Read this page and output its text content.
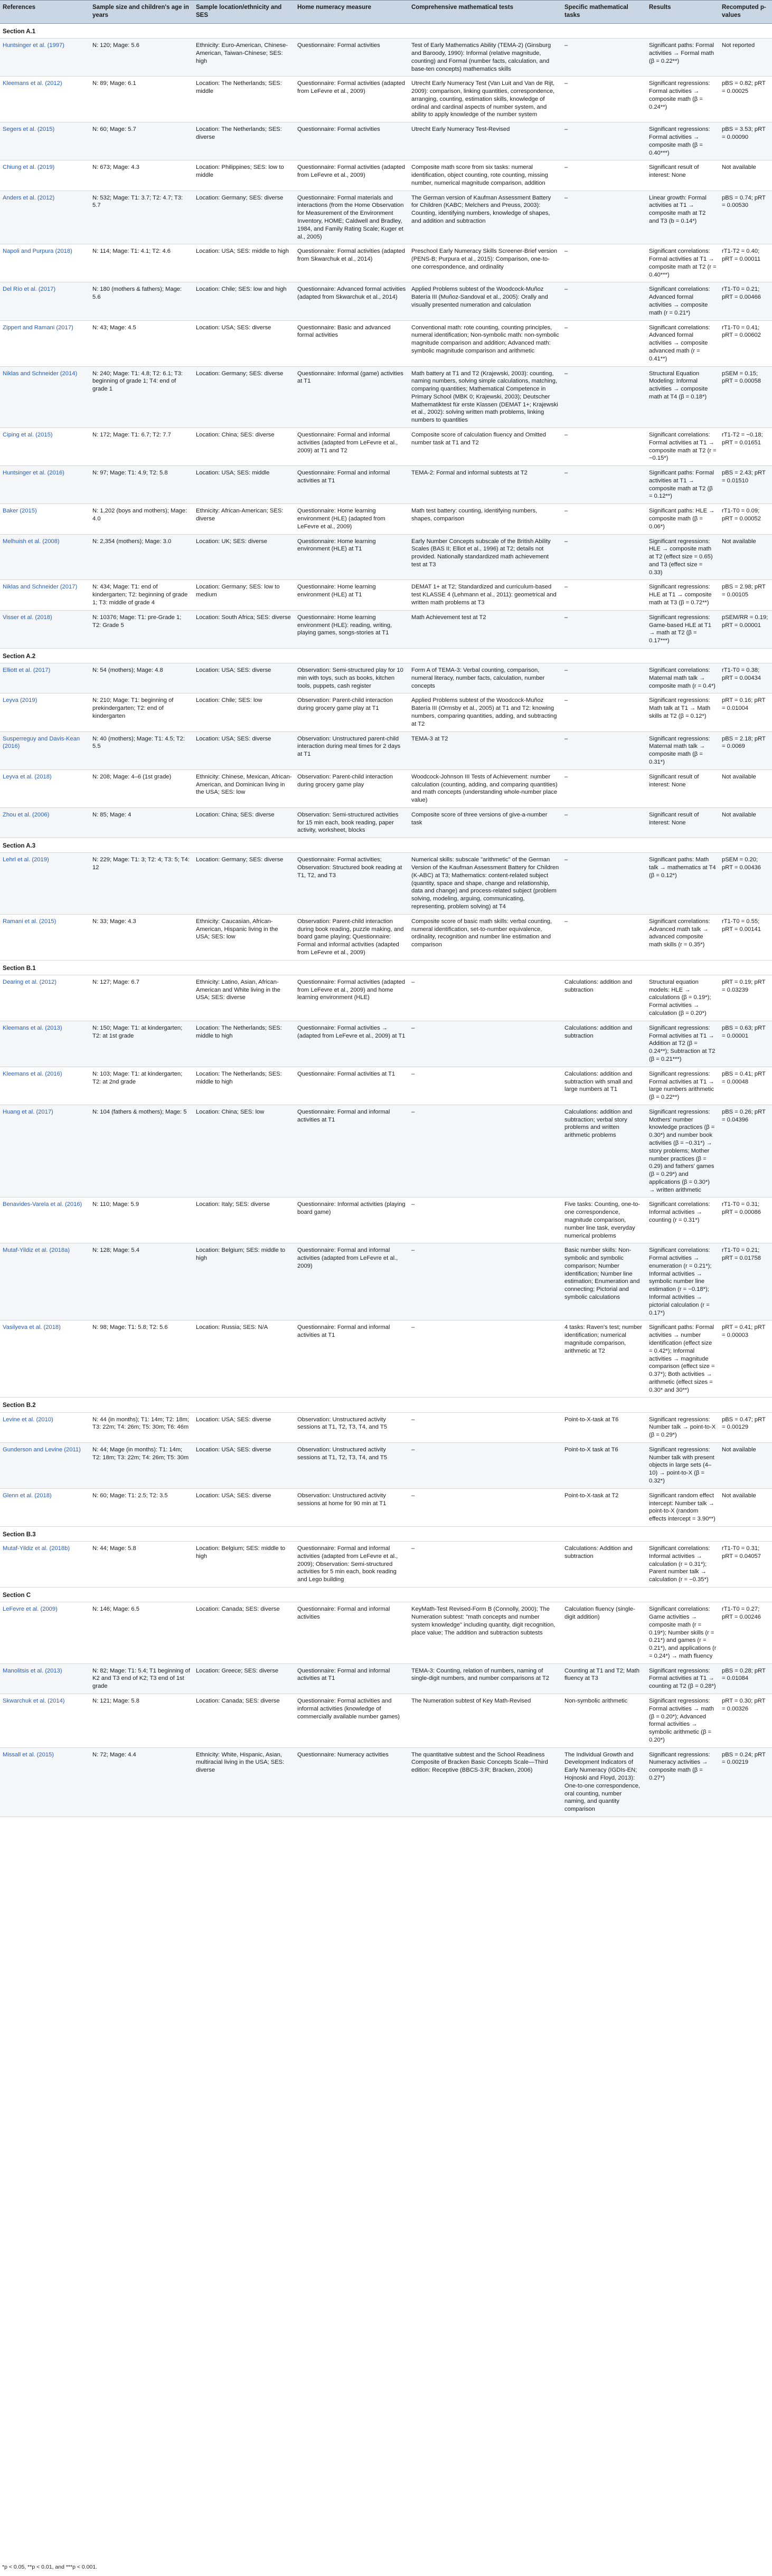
References	Sample size and children's age in years	Sample location/ethnicity and SES	Home numeracy measure	Comprehensive mathematical tests	Specific mathematical tasks	Results	Recomputed p-values
Section A.1							
Huntsinger et al. (1997)	N: 120; Mage: 5.6	Ethnicity: Euro-American, Chinese-American, Taiwan-Chinese; SES: high	Questionnaire: Formal activities	Test of Early Mathematics Ability (TEMA-2) (Ginsburg and Baroody, 1990): Informal (relative magnitude, counting) and Formal (number facts, calculation, and base-ten concepts) mathematics skills	–	Significant paths: Formal activities → Formal math (β = 0.22**)	Not reported
Kleemans et al. (2012)	N: 89; Mage: 6.1	Location: The Netherlands; SES: middle	Questionnaire: Formal activities (adapted from LeFevre et al., 2009)	Utrecht Early Numeracy Test (Van Luit and Van de Rijt, 2009): comparison, linking quantities, correspondence, arranging, counting, estimation skills, knowledge of ordinal and cardinal aspects of number system, and ability to apply knowledge of the number system	–	Significant regressions: Formal activities → composite math (β = 0.24**)	pBS = 0.82; pRT = 0.00025
Segers et al. (2015)	N: 60; Mage: 5.7	Location: The Netherlands; SES: diverse	Questionnaire: Formal activities	Utrecht Early Numeracy Test-Revised	–	Significant regressions: Formal activities → composite math (β = 0.40***)	pBS = 3.53; pRT = 0.00090
Chiung et al. (2019)	N: 673; Mage: 4.3	Location: Philippines; SES: low to middle	Questionnaire: Formal activities (adapted from LeFevre et al., 2009)	Composite math score from six tasks: numeral identification, object counting, rote counting, missing number, numerical magnitude comparison, addition	–	Significant result of interest: None	Not available
Anders et al. (2012)	N: 532; Mage: T1: 3.7; T2: 4.7; T3: 5.7	Location: Germany; SES: diverse	Questionnaire: Formal materials and interactions (from the Home Observation for Measurement of the Environment Inventory, HOME; Caldwell and Bradley, 1984, and Family Rating Scale; Kuger et al., 2005)	The German version of Kaufman Assessment Battery for Children (KABC; Melchers and Preuss, 2003): Counting, identifying numbers, knowledge of shapes, and addition and subtraction	–	Linear growth: Formal activities at T1 → composite math at T2 and T3 (b = 0.14*)	pBS = 0.74; pRT = 0.00530
Napoli and Purpura (2018)	N: 114; Mage: T1: 4.1; T2: 4.6	Location: USA; SES: middle to high	Questionnaire: Formal activities (adapted from Skwarchuk et al., 2014)	Preschool Early Numeracy Skills Screener-Brief version (PENS-B; Purpura et al., 2015): Comparison, one-to-one correspondence, and ordinality	–	Significant correlations: Formal activities at T1 → composite math at T2 (r = 0.40***)	rT1-T2 = 0.40; pRT = 0.00011
Del Río et al. (2017)	N: 180 (mothers & fathers); Mage: 5.6	Location: Chile; SES: low and high	Questionnaire: Advanced formal activities (adapted from Skwarchuk et al., 2014)	Applied Problems subtest of the Woodcock-Muñoz Batería III (Muñoz-Sandoval et al., 2005): Orally and visually presented numeration and calculation	–	Significant correlations: Advanced formal activities → composite math (r = 0.21*)	rT1-T0 = 0.21; pRT = 0.00466
Zippert and Ramani (2017)	N: 43; Mage: 4.5	Location: USA; SES: diverse	Questionnaire: Basic and advanced formal activities	Conventional math: rote counting, counting principles, numeral identification; Non-symbolic math: non-symbolic magnitude comparison and addition; Advanced math: symbolic magnitude comparison and arithmetic	–	Significant correlations: Advanced formal activities → composite advanced math (r = 0.41**)	rT1-T0 = 0.41; pRT = 0.00602
Niklas and Schneider (2014)	N: 240; Mage: T1: 4.8; T2: 6.1; T3: beginning of grade 1; T4: end of grade 1	Location: Germany; SES: diverse	Questionnaire: Informal (game) activities at T1	Math battery at T1 and T2 (Krajewski, 2003): counting, naming numbers, solving simple calculations, matching, comparing quantities; Mathematical Competence in Primary School (MBK 0; Krajewski, 2003); Deutscher Mathematiktest für erste Klassen (DEMAT 1+; Krajewski et al., 2002): solving written math problems, linking numbers to quantities	–	Structural Equation Modeling: Informal activities → composite math at T4 (β = 0.18*)	pSEM = 0.15; pRT = 0.00058
Ciping et al. (2015)	N: 172; Mage: T1: 6.7; T2: 7.7	Location: China; SES: diverse	Questionnaire: Formal and informal activities (adapted from LeFevre et al., 2009) at T1 and T2	Composite score of calculation fluency and Omitted number task at T1 and T2	–	Significant correlations: Formal activities at T1 → composite math at T2 (r = −0.15*)	rT1-T2 = −0.18; pRT = 0.01651
Huntsinger et al. (2016)	N: 97; Mage: T1: 4.9; T2: 5.8	Location: USA; SES: middle	Questionnaire: Formal and informal activities at T1	TEMA-2: Formal and informal subtests at T2	–	Significant paths: Formal activities at T1 → composite math at T2 (β = 0.12**)	pBS = 2.43; pRT = 0.01510
Baker (2015)	N: 1,202 (boys and mothers); Mage: 4.0	Ethnicity: African-American; SES: diverse	Questionnaire: Home learning environment (HLE) (adapted from LeFevre et al., 2009)	Math test battery: counting, identifying numbers, shapes, comparison	–	Significant paths: HLE → composite math (β = 0.06*)	rT1-T0 = 0.09; pRT = 0.00052
Melhuish et al. (2008)	N: 2,354 (mothers); Mage: 3.0	Location: UK; SES: diverse	Questionnaire: Home learning environment (HLE) at T1	Early Number Concepts subscale of the British Ability Scales (BAS II; Elliot et al., 1996) at T2; details not provided. Nationally standardized math achievement test at T3	–	Significant regressions: HLE → composite math at T2 (effect size = 0.65) and T3 (effect size = 0.33)	Not available
Niklas and Schneider (2017)	N: 434; Mage: T1: end of kindergarten; T2: beginning of grade 1; T3: middle of grade 4	Location: Germany; SES: low to medium	Questionnaire: Home learning environment (HLE) at T1	DEMAT 1+ at T2; Standardized and curriculum-based test KLASSE 4 (Lehmann et al., 2011): geometrical and written math problems at T3	–	Significant regressions: HLE at T1 → composite math at T3 (β = 0.72**)	pBS = 2.98; pRT = 0.00105
Visser et al. (2018)	N: 10376; Mage: T1: pre-Grade 1; T2: Grade 5	Location: South Africa; SES: diverse	Questionnaire: Home learning environment (HLE): reading, writing, playing games, songs-stories at T1	Math Achievement test at T2	–	Significant regressions: Game-based HLE at T1 → math at T2 (β = 0.17***)	pSEM/RR = 0.19; pRT = 0.00001
Section A.2							
Elliott et al. (2017)	N: 54 (mothers); Mage: 4.8	Location: USA; SES: diverse	Observation: Semi-structured play for 10 min with toys, such as books, kitchen tools, puppets, cash register	Form A of TEMA-3: Verbal counting, comparison, numeral literacy, number facts, calculation, number concepts	–	Significant correlations: Maternal math talk → composite math (r = 0.4*)	rT1-T0 = 0.38; pRT = 0.00434
Leyva (2019)	N: 210; Mage: T1: beginning of prekindergarten; T2: end of kindergarten	Location: Chile; SES: low	Observation: Parent-child interaction during grocery game play at T1	Applied Problems subtest of the Woodcock-Muñoz Batería III (Ormsby et al., 2005) at T1 and T2: knowing numbers, comparing quantities, adding, and subtracting at T2	–	Significant regressions: Math talk at T1 → Math skills at T2 (β = 0.12*)	pRT = 0.16; pRT = 0.01004
Susperreguy and Davis-Kean (2016)	N: 40 (mothers); Mage: T1: 4.5; T2: 5.5	Location: USA; SES: diverse	Observation: Unstructured parent-child interaction during meal times for 2 days at T1	TEMA-3 at T2	–	Significant regressions: Maternal math talk → composite math (β = 0.31*)	pBS = 2.18; pRT = 0.0069
Leyva et al. (2018)	N: 208; Mage: 4–6 (1st grade)	Ethnicity: Chinese, Mexican, African-American, and Dominican living in the USA; SES: low	Observation: Parent-child interaction during grocery game play	Woodcock-Johnson III Tests of Achievement: number calculation (counting, adding, and comparing quantities) and math concepts (understanding whole-number place value)	–	Significant result of interest: None	Not available
Zhou et al. (2006)	N: 85; Mage: 4	Location: China; SES: diverse	Observation: Semi-structured activities for 15 min each, book reading, paper activity, worksheet, blocks	Composite score of three versions of give-a-number task	–	Significant result of interest: None	Not available
Section A.3							
Lehrl et al. (2019)	N: 229; Mage: T1: 3; T2: 4; T3: 5; T4: 12	Location: Germany; SES: diverse	Questionnaire: Formal activities; Observation: Structured book reading at T1, T2, and T3	Numerical skills: subscale "arithmetic" of the German Version of the Kaufman Assessment Battery for Children (K-ABC) at T3; Mathematics: content-related subject (quantity, space and shape, change and relationship, data and change) and process-related subject (problem solving, modeling, arguing, communicating, representing, problem solving) at T4	–	Significant paths: Math talk → mathematics at T4 (β = 0.12*)	pSEM = 0.20; pRT = 0.00436
Ramani et al. (2015)	N: 33; Mage: 4.3	Ethnicity: Caucasian, African-American, Hispanic living in the USA; SES: low	Observation: Parent-child interaction during book reading, puzzle making, and board game playing; Questionnaire: Formal and informal activities (adapted from LeFevre et al., 2009)	Composite score of basic math skills: verbal counting, numeral identification, set-to-number equivalence, ordinality, recognition and number line estimation and comparison	–	Significant correlations: Advanced math talk → advanced composite math skills (r = 0.35*)	rT1-T0 = 0.55; pRT = 0.00141
Section B.1							
Dearing et al. (2012)	N: 127; Mage: 6.7	Ethnicity: Latino, Asian, African-American and White living in the USA; SES: diverse	Questionnaire: Formal activities (adapted from LeFevre et al., 2009) and home learning environment (HLE)	–	Calculations: addition and subtraction	Structural equation models: HLE → calculations (β = 0.19*); Formal activities → calculation (β = 0.20*)	pRT = 0.19; pRT = 0.03239
Kleemans et al. (2013)	N: 150; Mage: T1: at kindergarten; T2: at 1st grade	Location: The Netherlands; SES: middle to high	Questionnaire: Formal activities → (adapted from LeFevre et al., 2009) at T1	–	Calculations: addition and subtraction	Significant regressions: Formal activities at T1 → Addition at T2 (β = 0.24**); Subtraction at T2 (β = 0.21***)	pBS = 0.63; pRT = 0.00001
Kleemans et al. (2016)	N: 103; Mage: T1: at kindergarten; T2: at 2nd grade	Location: The Netherlands; SES: middle to high	Questionnaire: Formal activities at T1	–	Calculations: addition and subtraction with small and large numbers at T1	Significant regressions: Formal activities at T1 → large numbers arithmetic (β = 0.22**)	pBS = 0.41; pRT = 0.00048
Huang et al. (2017)	N: 104 (fathers & mothers); Mage: 5	Location: China; SES: low	Questionnaire: Formal and informal activities at T1	–	Calculations: addition and subtraction; verbal story problems and written arithmetic problems	Significant regressions: Mothers' number knowledge practices (β = 0.30*) and number book activities (β = −0.31*) → story problems; Mother number practices (β = 0.29) and fathers' games (β = 0.29*) and applications (β = 0.30*) → written arithmetic	pBS = 0.26; pRT = 0.04396
Benavides-Varela et al. (2016)	N: 110; Mage: 5.9	Location: Italy; SES: diverse	Questionnaire: Informal activities (playing board game)	–	Five tasks: Counting, one-to-one correspondence, magnitude comparison, number line task, everyday numerical problems	Significant correlations: Informal activities → counting (r = 0.31*)	rT1-T0 = 0.31; pRT = 0.00086
Mutaf-Yildiz et al. (2018a)	N: 128; Mage: 5.4	Location: Belgium; SES: middle to high	Questionnaire: Formal and informal activities (adapted from LeFevre et al., 2009)	–	Basic number skills: Non-symbolic and symbolic comparison; Number identification; Number line estimation; Enumeration and connecting; Pictorial and symbolic calculations	Significant correlations: Formal activities → enumeration (r = 0.21*); Informal activities → symbolic number line estimation (r = −0.18*); Informal activities → pictorial calculation (r = 0.17*)	rT1-T0 = 0.21; pRT = 0.01758
Vasilyeva et al. (2018)	N: 98; Mage: T1: 5.8; T2: 5.6	Location: Russia; SES: N/A	Questionnaire: Formal and informal activities at T1	–	4 tasks: Raven's test; number identification; numerical magnitude comparison, arithmetic at T2	Significant paths: Formal activities → number identification (effect size = 0.42*); Informal activities → magnitude comparison (effect size = 0.37*); Both activities → arithmetic (effect sizes = 0.30* and 30**)	pRT = 0.41; pRT = 0.00003
Section B.2							
Levine et al. (2010)	N: 44 (in months); T1: 14m; T2: 18m; T3: 22m; T4: 26m; T5: 30m; T6: 46m	Location: USA; SES: diverse	Observation: Unstructured activity sessions at T1, T2, T3, T4, and T5	–	Point-to-X-task at T6	Significant regressions: Number talk → point-to-X (β = 0.29*)	pBS = 0.47; pRT = 0.00129
Gunderson and Levine (2011)	N: 44; Mage (in months): T1: 14m; T2: 18m; T3: 22m; T4: 26m; T5: 30m	Location: USA; SES: diverse	Observation: Unstructured activity sessions at T1, T2, T3, T4, and T5	–	Point-to-X task at T6	Significant regressions: Number talk with present objects in large sets (4–10) → point-to-X (β = 0.32*)	Not available
Glenn et al. (2018)	N: 60; Mage: T1: 2.5; T2: 3.5	Location: USA; SES: diverse	Observation: Unstructured activity sessions at home for 90 min at T1	–	Point-to-X-task at T2	Significant random effect intercept: Number talk → point-to-X (random effects intercept = 3.90**)	Not available
Section B.3							
Mutaf-Yildiz et al. (2018b)	N: 44; Mage: 5.8	Location: Belgium; SES: middle to high	Questionnaire: Formal and informal activities (adapted from LeFevre et al., 2009); Observation: Semi-structured activities for 5 min each, book reading and Lego building	–	Calculations: Addition and subtraction	Significant correlations: Informal activities → calculation (r = 0.31*); Parent number talk → calculation (r = −0.35*)	rT1-T0 = 0.31; pRT = 0.04057
Section C							
LeFevre et al. (2009)	N: 146; Mage: 6.5	Location: Canada; SES: diverse	Questionnaire: Formal and informal activities	KeyMath-Test Revised-Form B (Connolly, 2000); The Numeration subtest: "math concepts and number system knowledge" including quantity, digit recognition, place value; The addition and subtraction subtests	Calculation fluency (single-digit addition)	Significant correlations: Game activities → composite math (r = 0.19*); Number skills (r = 0.21*) and games (r = 0.21*), and applications (r = 0.24*) → math fluency	rT1-T0 = 0.27; pRT = 0.00246
Manolitsis et al. (2013)	N: 82; Mage: T1: 5.4; T1 beginning of K2 and T3 end of K2; T3 end of 1st grade	Location: Greece; SES: diverse	Questionnaire: Formal and informal activities at T1	TEMA-3: Counting, relation of numbers, naming of single-digit numbers, and number comparisons at T2	Counting at T1 and T2; Math fluency at T3	Significant regressions: Formal activities at T1 → counting at T2 (β = 0.28*)	pBS = 0.28; pRT = 0.01084
Skwarchuk et al. (2014)	N: 121; Mage: 5.8	Location: Canada; SES: diverse	Questionnaire: Formal activities and informal activities (knowledge of commercially available number games)	The Numeration subtest of Key Math-Revised	Non-symbolic arithmetic	Significant regressions: Formal activities → math (β = 0.20*); Advanced formal activities → symbolic arithmetic (β = 0.20*)	pRT = 0.30; pRT = 0.00326
Missall et al. (2015)	N: 72; Mage: 4.4	Ethnicity: White, Hispanic, Asian, multiracial living in the USA; SES: diverse	Questionnaire: Numeracy activities	The quantitative subtest and the School Readiness Composite of Bracken Basic Concepts Scale—Third edition: Receptive (BBCS-3:R; Bracken, 2006)	The Individual Growth and Development Indicators of Early Numeracy (IGDIs-EN; Hojnoski and Floyd, 2013): One-to-one correspondence, oral counting, number naming, and quantity comparison	Significant regressions: Numeracy activities → composite math (β = 0.27*)	pBS = 0.24; pRT = 0.00219
*p < 0.05, **p < 0.01, and ***p < 0.001.
